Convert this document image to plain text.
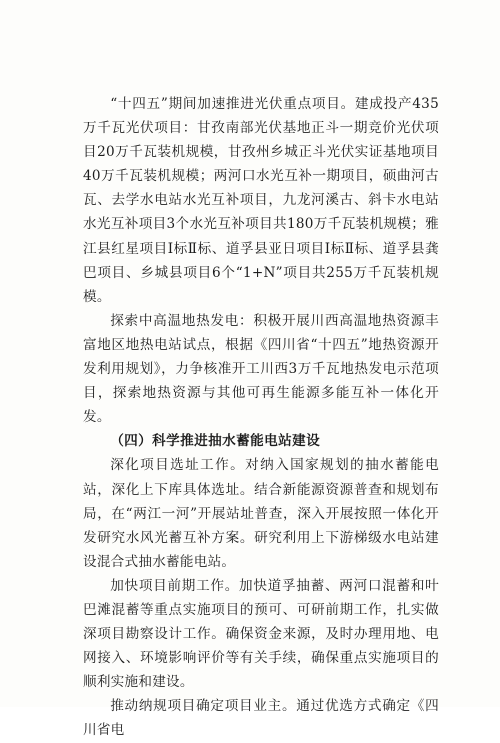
“十四五”期间加速推进光伏重点项目。建成投产435万千瓦光伏项目：甘孜南部光伏基地正斗一期竞价光伏项目20万千瓦装机规模，甘孜州乡城正斗光伏实证基地项目40万千瓦装机规模；两河口水光互补一期项目，硕曲河古瓦、去学水电站水光互补项目，九龙河溪古、斜卡水电站水光互补项目3个水光互补项目共180万千瓦装机规模；雅江县红星项目Ⅰ标Ⅱ标、道孚县亚日项目Ⅰ标Ⅱ标、道孚县龚巴项目、乡城县项目6个“1+N”项目共255万千瓦装机规模。

探索中高温地热发电：积极开展川西高温地热资源丰富地区地热电站试点，根据《四川省“十四五”地热资源开发利用规划》，力争核准开工川西3万千瓦地热发电示范项目，探索地热资源与其他可再生能源多能互补一体化开发。

（四）科学推进抽水蓄能电站建设

深化项目选址工作。对纳入国家规划的抽水蓄能电站，深化上下库具体选址。结合新能源资源普查和规划布局，在“两江一河”开展站址普查，深入开展按照一体化开发研究水风光蓄互补方案。研究利用上下游梯级水电站建设混合式抽水蓄能电站。

加快项目前期工作。加快道孚抽蓄、两河口混蓄和叶巴滩混蓄等重点实施项目的预可、可研前期工作，扎实做深项目勘察设计工作。确保资金来源，及时办理用地、电网接入、环境影响评价等有关手续，确保重点实施项目的顺利实施和建设。

推动纳规项目确定项目业主。通过优选方式确定《四川省电
